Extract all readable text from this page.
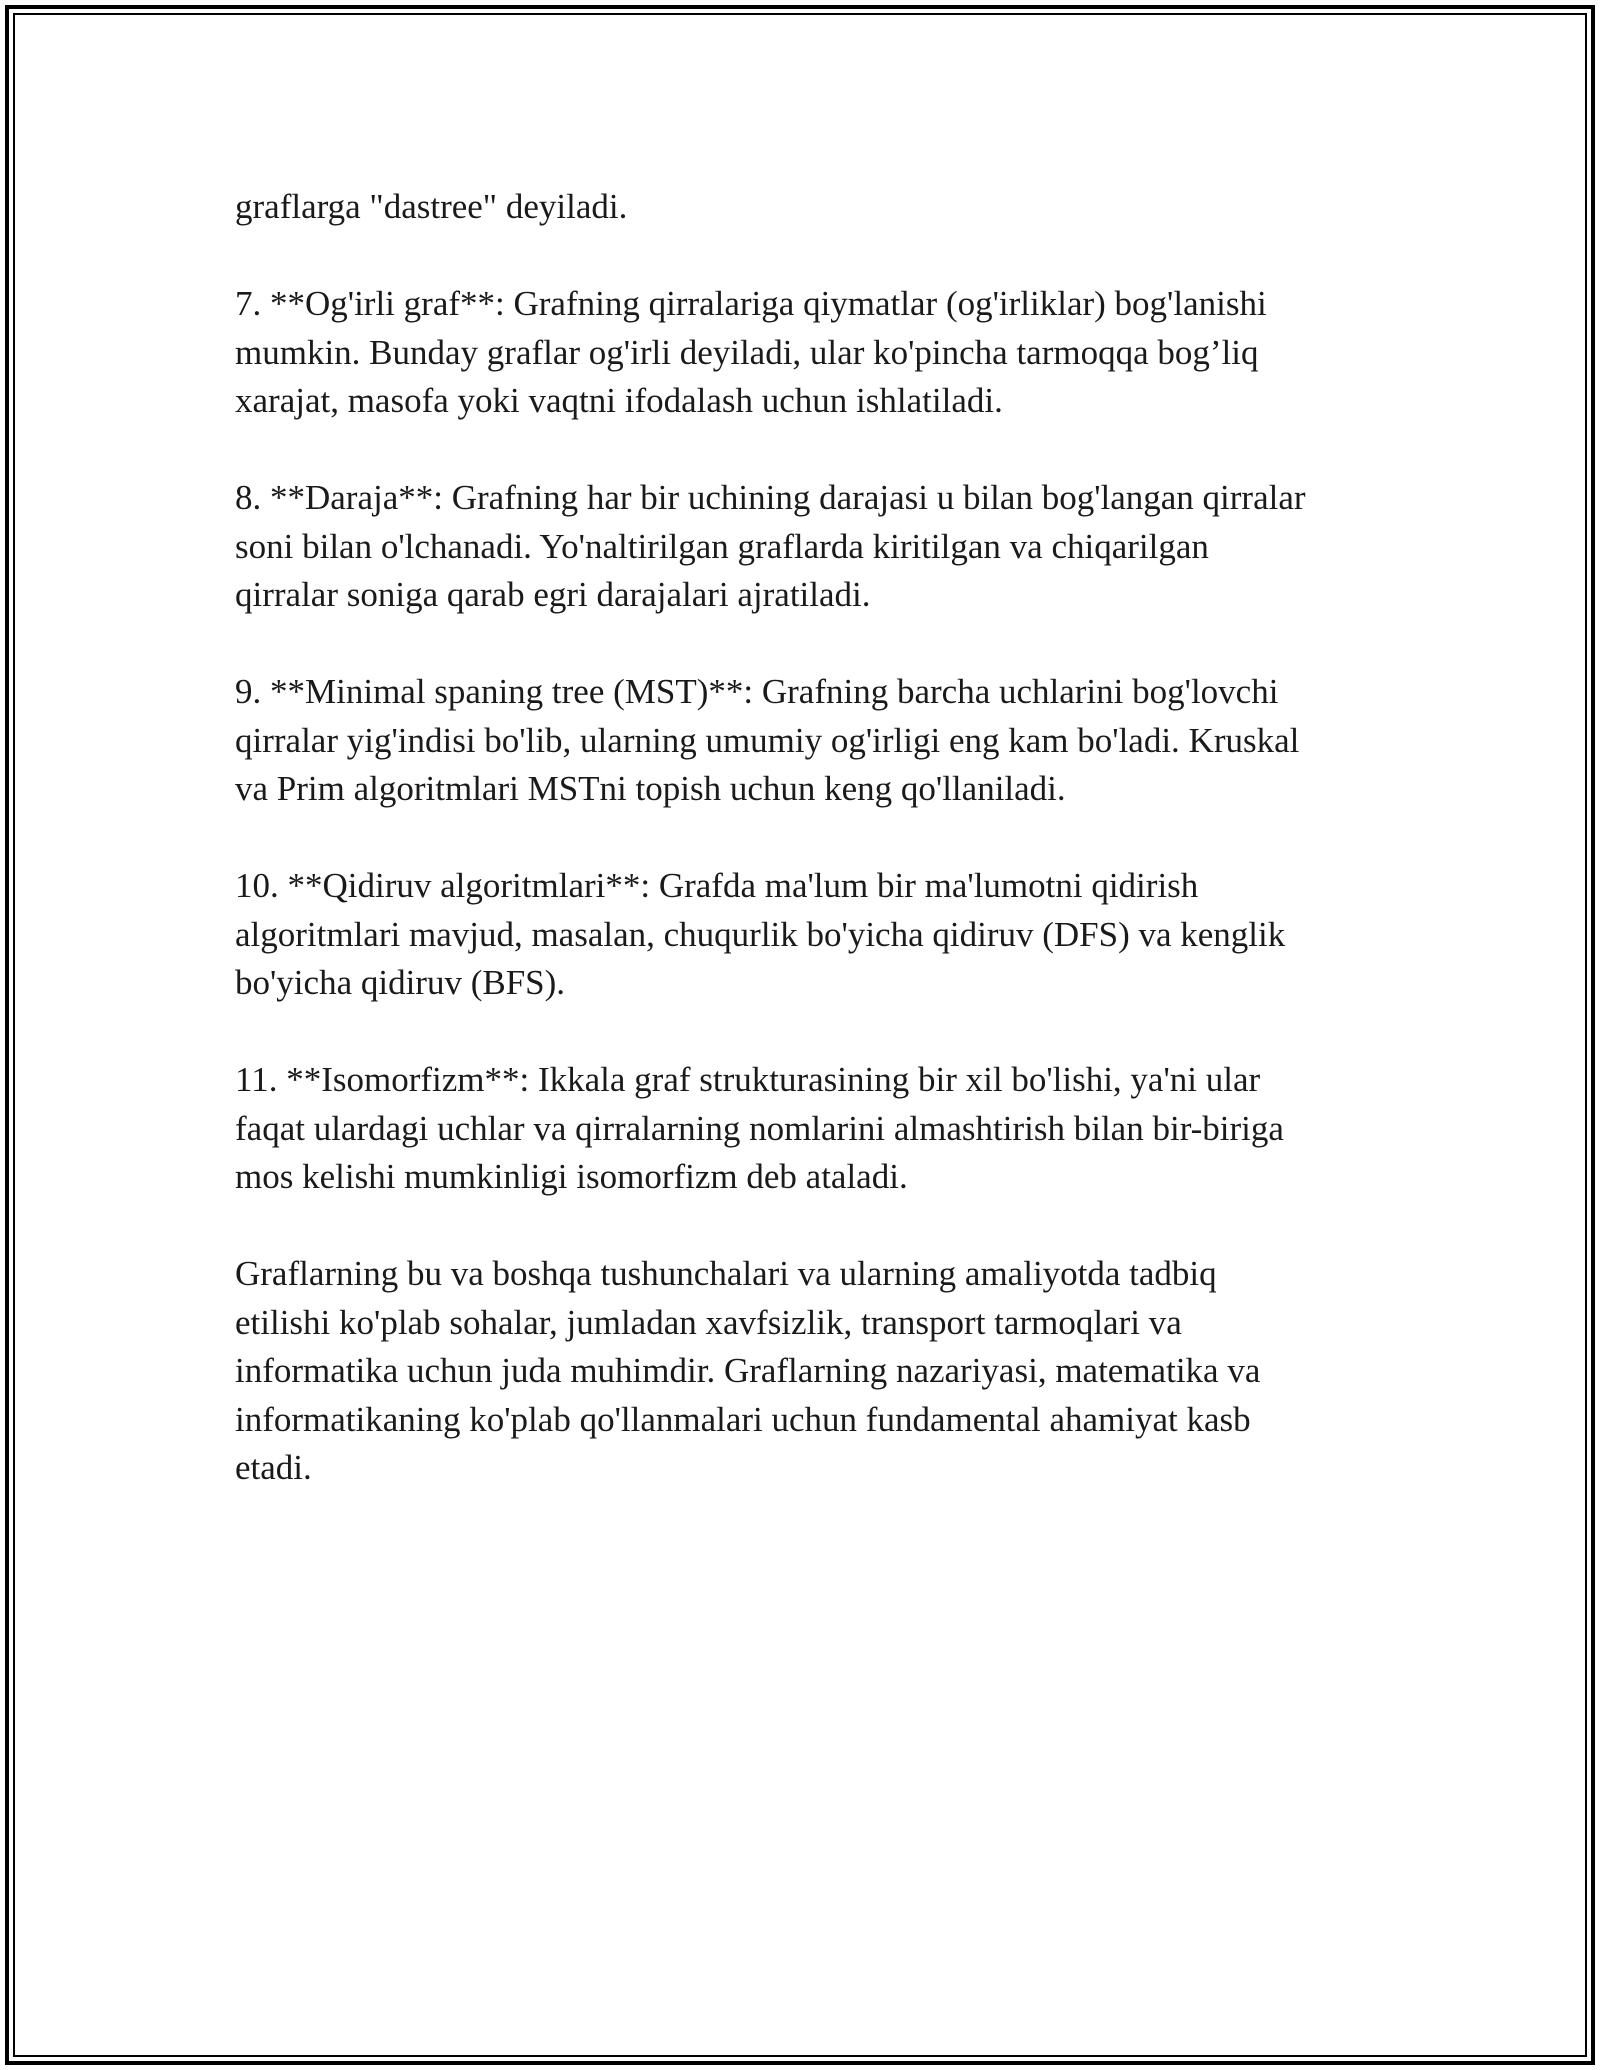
graflarga "dastree" deyiladi.

7. **Og'irli graf**: Grafning qirralariga qiymatlar (og'irliklar) bog'lanishi
mumkin. Bunday graflar og'irli deyiladi, ular ko'pincha tarmoqqa bog’liq
xarajat, masofa yoki vaqtni ifodalash uchun ishlatiladi.

8. **Daraja**: Grafning har bir uchining darajasi u bilan bog'langan qirralar
soni bilan o'lchanadi. Yo'naltirilgan graflarda kiritilgan va chiqarilgan
qirralar soniga qarab egri darajalari ajratiladi.

9. **Minimal spaning tree (MST)**: Grafning barcha uchlarini bog'lovchi
qirralar yig'indisi bo'lib, ularning umumiy og'irligi eng kam bo'ladi. Kruskal
va Prim algoritmlari MSTni topish uchun keng qo'llaniladi.

10. **Qidiruv algoritmlari**: Grafda ma'lum bir ma'lumotni qidirish
algoritmlari mavjud, masalan, chuqurlik bo'yicha qidiruv (DFS) va kenglik
bo'yicha qidiruv (BFS).

11. **Isomorfizm**: Ikkala graf strukturasining bir xil bo'lishi, ya'ni ular
faqat ulardagi uchlar va qirralarning nomlarini almashtirish bilan bir-biriga
mos kelishi mumkinligi isomorfizm deb ataladi.

Graflarning bu va boshqa tushunchalari va ularning amaliyotda tadbiq
etilishi ko'plab sohalar, jumladan xavfsizlik, transport tarmoqlari va
informatika uchun juda muhimdir. Graflarning nazariyasi, matematika va
informatikaning ko'plab qo'llanmalari uchun fundamental ahamiyat kasb
etadi.
